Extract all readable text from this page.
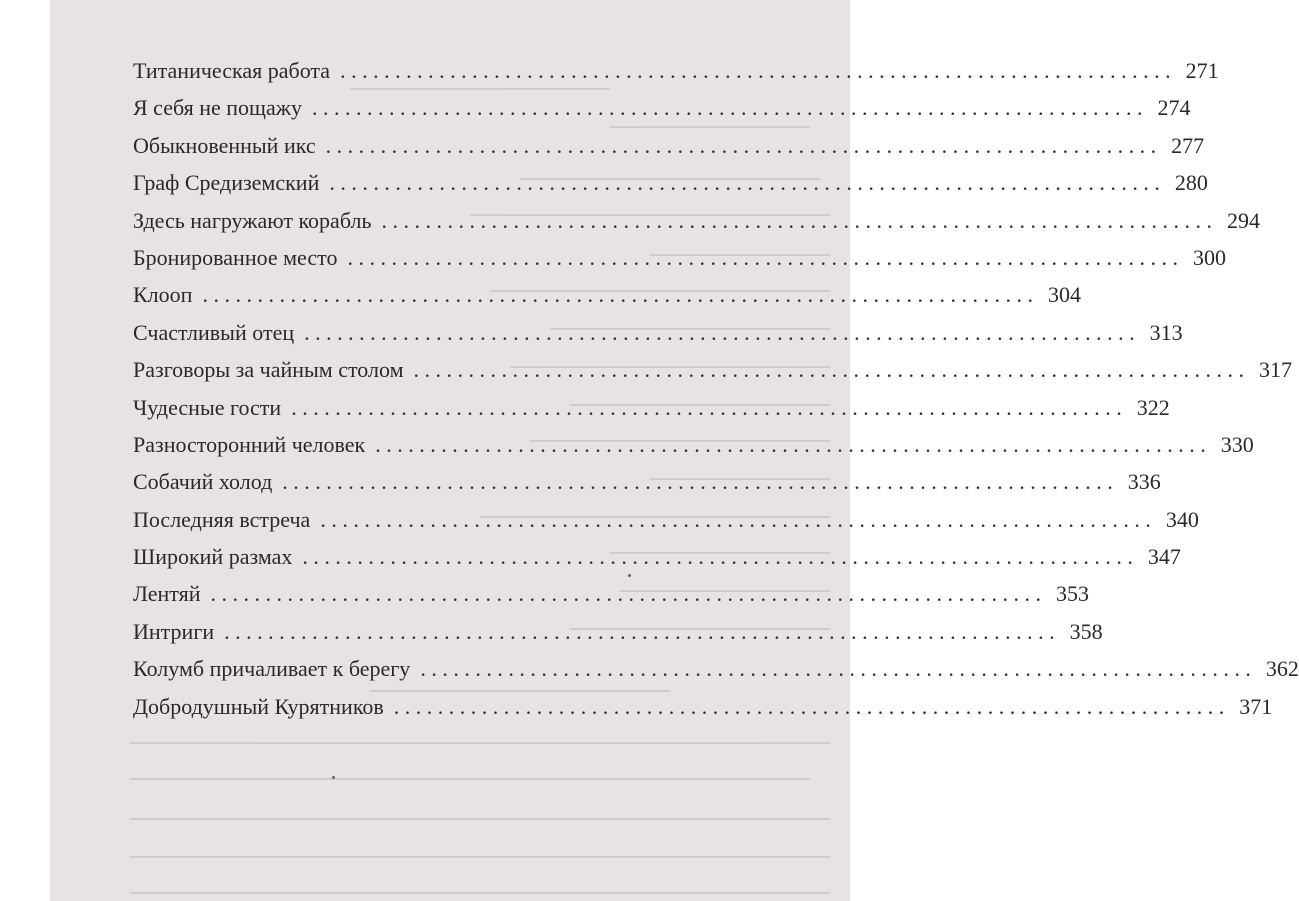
Титаническая работа . . .	271
Я себя не пощажу . . .	274
Обыкновенный икс . . .	277
Граф Средиземский . . .	280
Здесь нагружают корабль . . .	294
Бронированное место . . .	300
Клооп . . .	304
Счастливый отец . . .	313
Разговоры за чайным столом . . .	317
Чудесные гости . . .	322
Разносторонний человек . . .	330
Собачий холод . . .	336
Последняя встреча . . .	340
Широкий размах . . .	347
Лентяй . . .	353
Интриги . . .	358
Колумб причаливает к берегу . . .	362
Добродушный Курятников . . .	371
